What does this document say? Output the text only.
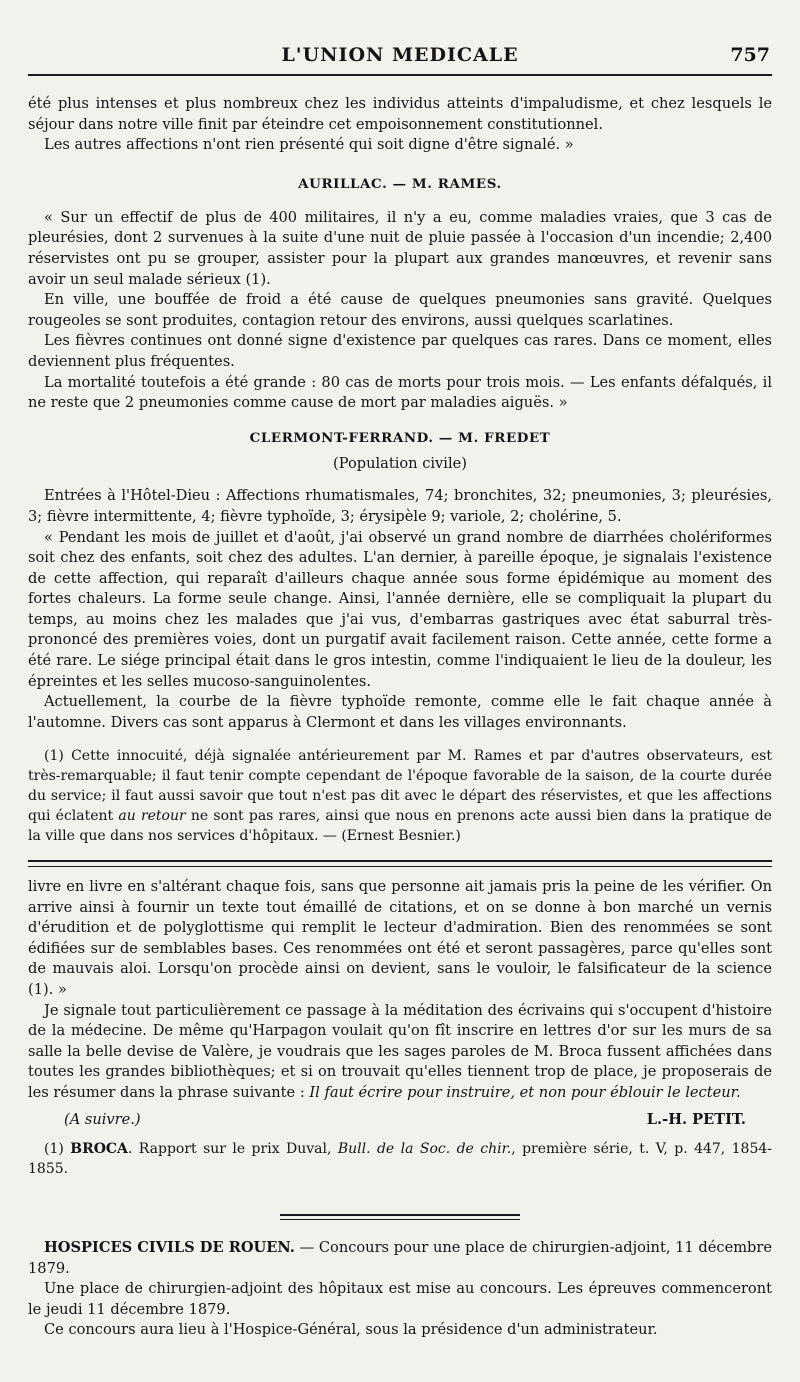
L'UNION MEDICALE	757

été plus intenses et plus nombreux chez les individus atteints d'impaludisme, et chez lesquels le séjour dans notre ville finit par éteindre cet empoisonnement constitutionnel.

Les autres affections n'ont rien présenté qui soit digne d'être signalé. »

AURILLAC. — M. RAMES.

« Sur un effectif de plus de 400 militaires, il n'y a eu, comme maladies vraies, que 3 cas de pleurésies, dont 2 survenues à la suite d'une nuit de pluie passée à l'occasion d'un incendie; 2,400 réservistes ont pu se grouper, assister pour la plupart aux grandes manœuvres, et revenir sans avoir un seul malade sérieux (1).

En ville, une bouffée de froid a été cause de quelques pneumonies sans gravité. Quelques rougeoles se sont produites, contagion retour des environs, aussi quelques scarlatines.

Les fièvres continues ont donné signe d'existence par quelques cas rares. Dans ce moment, elles deviennent plus fréquentes.

La mortalité toutefois a été grande : 80 cas de morts pour trois mois. — Les enfants défalqués, il ne reste que 2 pneumonies comme cause de mort par maladies aiguës. »

CLERMONT-FERRAND. — M. FREDET

(Population civile)

Entrées à l'Hôtel-Dieu : Affections rhumatismales, 74; bronchites, 32; pneumonies, 3; pleurésies, 3; fièvre intermittente, 4; fièvre typhoïde, 3; érysipèle 9; variole, 2; cholérine, 5.

« Pendant les mois de juillet et d'août, j'ai observé un grand nombre de diarrhées cholériformes soit chez des enfants, soit chez des adultes. L'an dernier, à pareille époque, je signalais l'existence de cette affection, qui reparaît d'ailleurs chaque année sous forme épidémique au moment des fortes chaleurs. La forme seule change. Ainsi, l'année dernière, elle se compliquait la plupart du temps, au moins chez les malades que j'ai vus, d'embarras gastriques avec état saburral très-prononcé des premières voies, dont un purgatif avait facilement raison. Cette année, cette forme a été rare. Le siége principal était dans le gros intestin, comme l'indiquaient le lieu de la douleur, les épreintes et les selles mucoso-sanguinolentes.

Actuellement, la courbe de la fièvre typhoïde remonte, comme elle le fait chaque année à l'automne. Divers cas sont apparus à Clermont et dans les villages environnants.

(1) Cette innocuité, déjà signalée antérieurement par M. Rames et par d'autres observateurs, est très-remarquable; il faut tenir compte cependant de l'époque favorable de la saison, de la courte durée du service; il faut aussi savoir que tout n'est pas dit avec le départ des réservistes, et que les affections qui éclatent au retour ne sont pas rares, ainsi que nous en prenons acte aussi bien dans la pratique de la ville que dans nos services d'hôpitaux. — (Ernest Besnier.)

livre en livre en s'altérant chaque fois, sans que personne ait jamais pris la peine de les vérifier. On arrive ainsi à fournir un texte tout émaillé de citations, et on se donne à bon marché un vernis d'érudition et de polyglottisme qui remplit le lecteur d'admiration. Bien des renommées se sont édifiées sur de semblables bases. Ces renommées ont été et seront passagères, parce qu'elles sont de mauvais aloi. Lorsqu'on procède ainsi on devient, sans le vouloir, le falsificateur de la science (1). »

Je signale tout particulièrement ce passage à la méditation des écrivains qui s'occupent d'histoire de la médecine. De même qu'Harpagon voulait qu'on fît inscrire en lettres d'or sur les murs de sa salle la belle devise de Valère, je voudrais que les sages paroles de M. Broca fussent affichées dans toutes les grandes bibliothèques; et si on trouvait qu'elles tiennent trop de place, je proposerais de les résumer dans la phrase suivante : Il faut écrire pour instruire, et non pour éblouir le lecteur.

(A suivre.)	L.-H. PETIT.

(1) BROCA. Rapport sur le prix Duval, Bull. de la Soc. de chir., première série, t. V, p. 447, 1854-1855.

HOSPICES CIVILS DE ROUEN. — Concours pour une place de chirurgien-adjoint, 11 décembre 1879.

Une place de chirurgien-adjoint des hôpitaux est mise au concours. Les épreuves commenceront le jeudi 11 décembre 1879.

Ce concours aura lieu à l'Hospice-Général, sous la présidence d'un administrateur.
